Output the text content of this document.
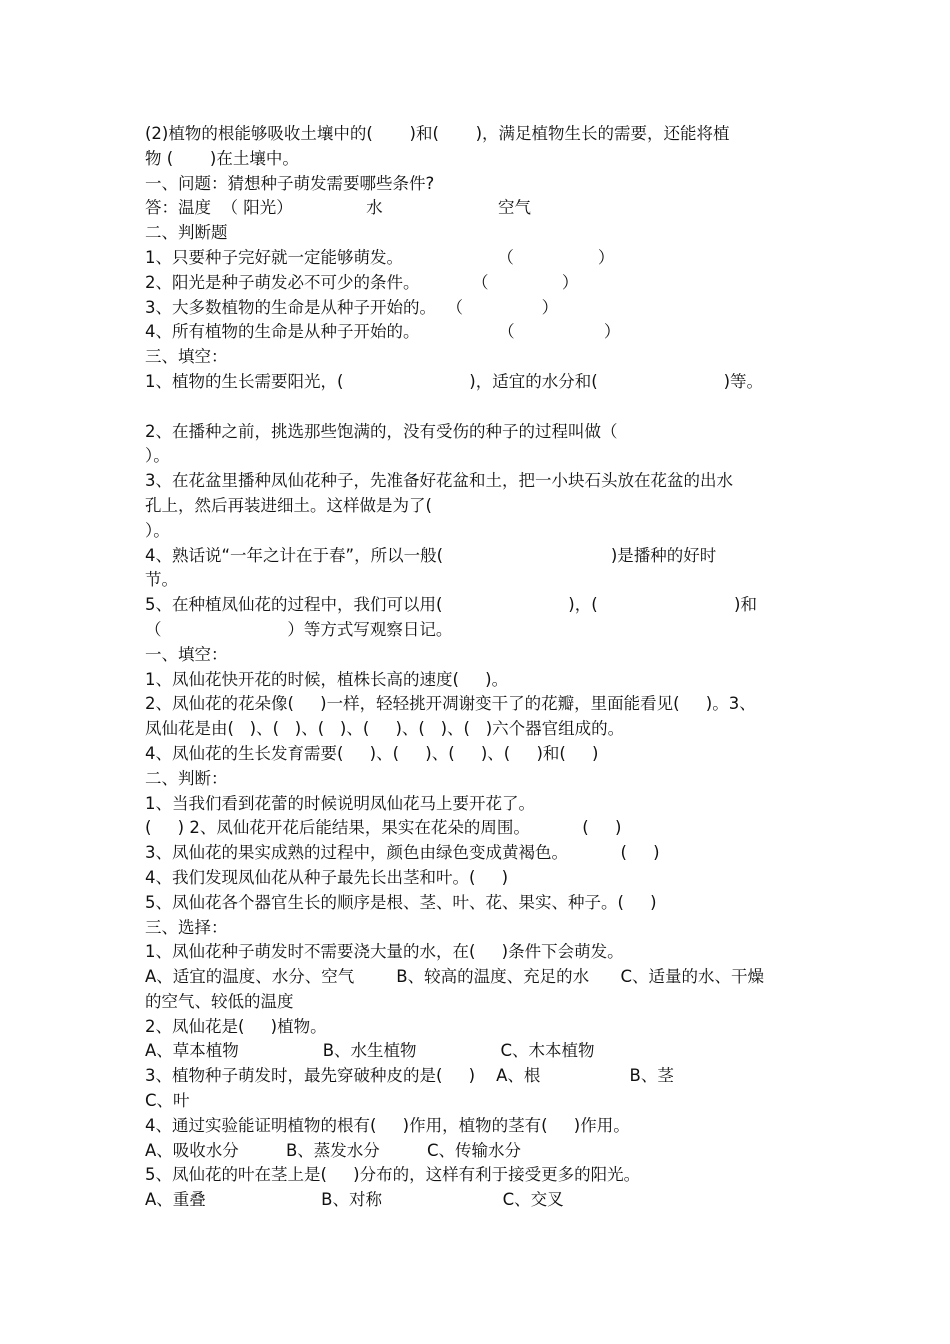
(2)植物的根能够吸收土壤中的(       )和(       )，满足植物生长的需要，还能将植
物 (       )在土壤中。
一、问题：猜想种子萌发需要哪些条件?
答：温度  （ 阳光）              水                      空气
二、判断题
1、只要种子完好就一定能够萌发。                  （                ）
2、阳光是种子萌发必不可少的条件。          （              ）
3、大多数植物的生命是从种子开始的。  （               ）
4、所有植物的生命是从种子开始的。               （                 ）
三、填空：
1、植物的生长需要阳光，(                        )，适宜的水分和(                        )等。
2、在播种之前，挑选那些饱满的，没有受伤的种子的过程叫做（
）。
3、在花盆里播种凤仙花种子，先准备好花盆和土，把一小块石头放在花盆的出水
孔上，然后再装进细土。这样做是为了(
）。
4、熟话说“一年之计在于春”，所以一般(                                )是播种的好时
节。
5、在种植凤仙花的过程中，我们可以用(                        )，(                          )和
（                        ）等方式写观察日记。
一、填空：
1、凤仙花快开花的时候，植株长高的速度(     )。
2、凤仙花的花朵像(     )一样，轻轻挑开凋谢变干了的花瓣，里面能看见(     )。3、
凤仙花是由(   )、(   )、(   )、(     )、(   )、(   )六个器官组成的。
4、凤仙花的生长发育需要(     )、(     )、(     )、(     )和(     )
二、判断：
1、当我们看到花蕾的时候说明凤仙花马上要开花了。
(     ) 2、凤仙花开花后能结果，果实在花朵的周围。          (     )
3、凤仙花的果实成熟的过程中，颜色由绿色变成黄褐色。          (     )
4、我们发现凤仙花从种子最先长出茎和叶。(     )
5、凤仙花各个器官生长的顺序是根、茎、叶、花、果实、种子。(     )
三、选择：
1、凤仙花种子萌发时不需要浇大量的水，在(     )条件下会萌发。
A、适宜的温度、水分、空气        B、较高的温度、充足的水      C、适量的水、干燥
的空气、较低的温度
2、凤仙花是(     )植物。
A、草本植物                B、水生植物                C、木本植物
3、植物种子萌发时，最先穿破种皮的是(     )    A、根                 B、茎
C、叶
4、通过实验能证明植物的根有(     )作用，植物的茎有(     )作用。
A、吸收水分         B、蒸发水分         C、传输水分
5、凤仙花的叶在茎上是(     )分布的，这样有利于接受更多的阳光。
A、重叠                      B、对称                       C、交叉
